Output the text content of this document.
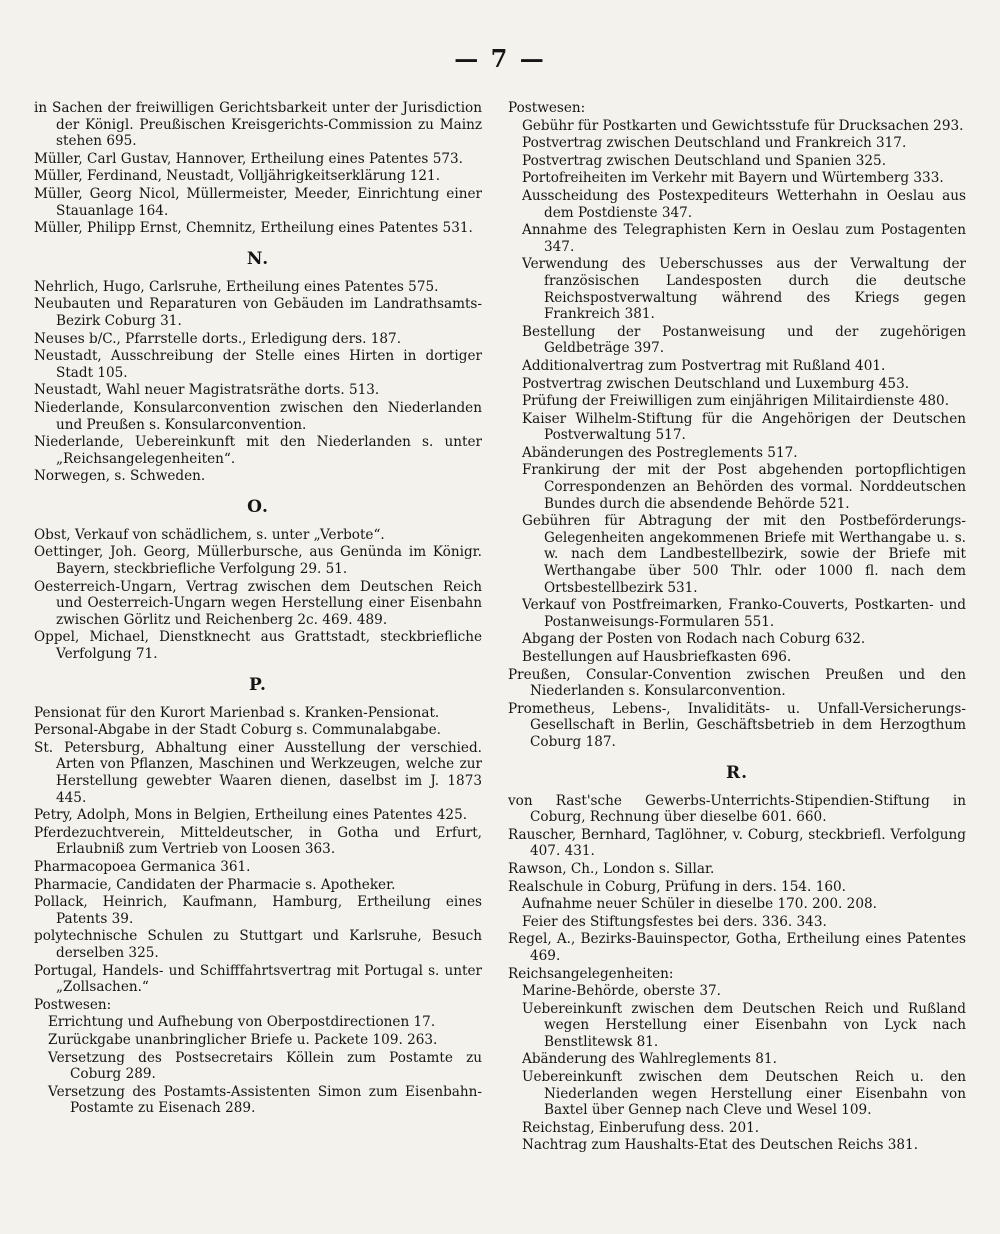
— 7 —
in Sachen der freiwilligen Gerichtsbarkeit unter der Jurisdiction der Königl. Preußischen Kreisgerichts-Commission zu Mainz stehen 695.
Müller, Carl Gustav, Hannover, Ertheilung eines Patentes 573.
Müller, Ferdinand, Neustadt, Volljährigkeitserklärung 121.
Müller, Georg Nicol, Müllermeister, Meeder, Einrichtung einer Stauanlage 164.
Müller, Philipp Ernst, Chemnitz, Ertheilung eines Patentes 531.
N.
Nehrlich, Hugo, Carlsruhe, Ertheilung eines Patentes 575.
Neubauten und Reparaturen von Gebäuden im Landrathsamts-Bezirk Coburg 31.
Neuses b/C., Pfarrstelle dorts., Erledigung ders. 187.
Neustadt, Ausschreibung der Stelle eines Hirten in dortiger Stadt 105.
Neustadt, Wahl neuer Magistratsräthe dorts. 513.
Niederlande, Konsularconvention zwischen den Niederlanden und Preußen s. Konsularconvention.
Niederlande, Uebereinkunft mit den Niederlanden s. unter „Reichsangelegenheiten“.
Norwegen, s. Schweden.
O.
Obst, Verkauf von schädlichem, s. unter „Verbote“.
Oettinger, Joh. Georg, Müllerbursche, aus Genünda im Königr. Bayern, steckbriefliche Verfolgung 29. 51.
Oesterreich-Ungarn, Vertrag zwischen dem Deutschen Reich und Oesterreich-Ungarn wegen Herstellung einer Eisenbahn zwischen Görlitz und Reichenberg 2c. 469. 489.
Oppel, Michael, Dienstknecht aus Grattstadt, steckbriefliche Verfolgung 71.
P.
Pensionat für den Kurort Marienbad s. Kranken-Pensionat.
Personal-Abgabe in der Stadt Coburg s. Communalabgabe.
St. Petersburg, Abhaltung einer Ausstellung der verschied. Arten von Pflanzen, Maschinen und Werkzeugen, welche zur Herstellung gewebter Waaren dienen, daselbst im J. 1873 445.
Petry, Adolph, Mons in Belgien, Ertheilung eines Patentes 425.
Pferdezuchtverein, Mitteldeutscher, in Gotha und Erfurt, Erlaubniß zum Vertrieb von Loosen 363.
Pharmacopoea Germanica 361.
Pharmacie, Candidaten der Pharmacie s. Apotheker.
Pollack, Heinrich, Kaufmann, Hamburg, Ertheilung eines Patents 39.
polytechnische Schulen zu Stuttgart und Karlsruhe, Besuch derselben 325.
Portugal, Handels- und Schifffahrtsvertrag mit Portugal s. unter „Zollsachen.“
Postwesen:
Errichtung und Aufhebung von Oberpostdirectionen 17.
Zurückgabe unanbringlicher Briefe u. Packete 109. 263.
Versetzung des Postsecretairs Köllein zum Postamte zu Coburg 289.
Versetzung des Postamts-Assistenten Simon zum Eisenbahn-Postamte zu Eisenach 289.
Postwesen:
Gebühr für Postkarten und Gewichtsstufe für Drucksachen 293.
Postvertrag zwischen Deutschland und Frankreich 317.
Postvertrag zwischen Deutschland und Spanien 325.
Portofreiheiten im Verkehr mit Bayern und Würtemberg 333.
Ausscheidung des Postexpediteurs Wetterhahn in Oeslau aus dem Postdienste 347.
Annahme des Telegraphisten Kern in Oeslau zum Postagenten 347.
Verwendung des Ueberschusses aus der Verwaltung der französischen Landesposten durch die deutsche Reichspostverwaltung während des Kriegs gegen Frankreich 381.
Bestellung der Postanweisung und der zugehörigen Geldbeträge 397.
Additionalvertrag zum Postvertrag mit Rußland 401.
Postvertrag zwischen Deutschland und Luxemburg 453.
Prüfung der Freiwilligen zum einjährigen Militairdienste 480.
Kaiser Wilhelm-Stiftung für die Angehörigen der Deutschen Postverwaltung 517.
Abänderungen des Postreglements 517.
Frankirung der mit der Post abgehenden portopflichtigen Correspondenzen an Behörden des vormal. Norddeutschen Bundes durch die absendende Behörde 521.
Gebühren für Abtragung der mit den Postbeförderungs-Gelegenheiten angekommenen Briefe mit Werthangabe u. s. w. nach dem Landbestellbezirk, sowie der Briefe mit Werthangabe über 500 Thlr. oder 1000 fl. nach dem Ortsbestellbezirk 531.
Verkauf von Postfreimarken, Franko-Couverts, Postkarten- und Postanweisungs-Formularen 551.
Abgang der Posten von Rodach nach Coburg 632.
Bestellungen auf Hausbriefkasten 696.
Preußen, Consular-Convention zwischen Preußen und den Niederlanden s. Konsularconvention.
Prometheus, Lebens-, Invaliditäts- u. Unfall-Versicherungs-Gesellschaft in Berlin, Geschäftsbetrieb in dem Herzogthum Coburg 187.
R.
von Rast'sche Gewerbs-Unterrichts-Stipendien-Stiftung in Coburg, Rechnung über dieselbe 601. 660.
Rauscher, Bernhard, Taglöhner, v. Coburg, steckbriefl. Verfolgung 407. 431.
Rawson, Ch., London s. Sillar.
Realschule in Coburg, Prüfung in ders. 154. 160.
Aufnahme neuer Schüler in dieselbe 170. 200. 208.
Feier des Stiftungsfestes bei ders. 336. 343.
Regel, A., Bezirks-Bauinspector, Gotha, Ertheilung eines Patentes 469.
Reichsangelegenheiten:
Marine-Behörde, oberste 37.
Uebereinkunft zwischen dem Deutschen Reich und Rußland wegen Herstellung einer Eisenbahn von Lyck nach Benstlitewsk 81.
Abänderung des Wahlreglements 81.
Uebereinkunft zwischen dem Deutschen Reich u. den Niederlanden wegen Herstellung einer Eisenbahn von Baxtel über Gennep nach Cleve und Wesel 109.
Reichstag, Einberufung dess. 201.
Nachtrag zum Haushalts-Etat des Deutschen Reichs 381.
